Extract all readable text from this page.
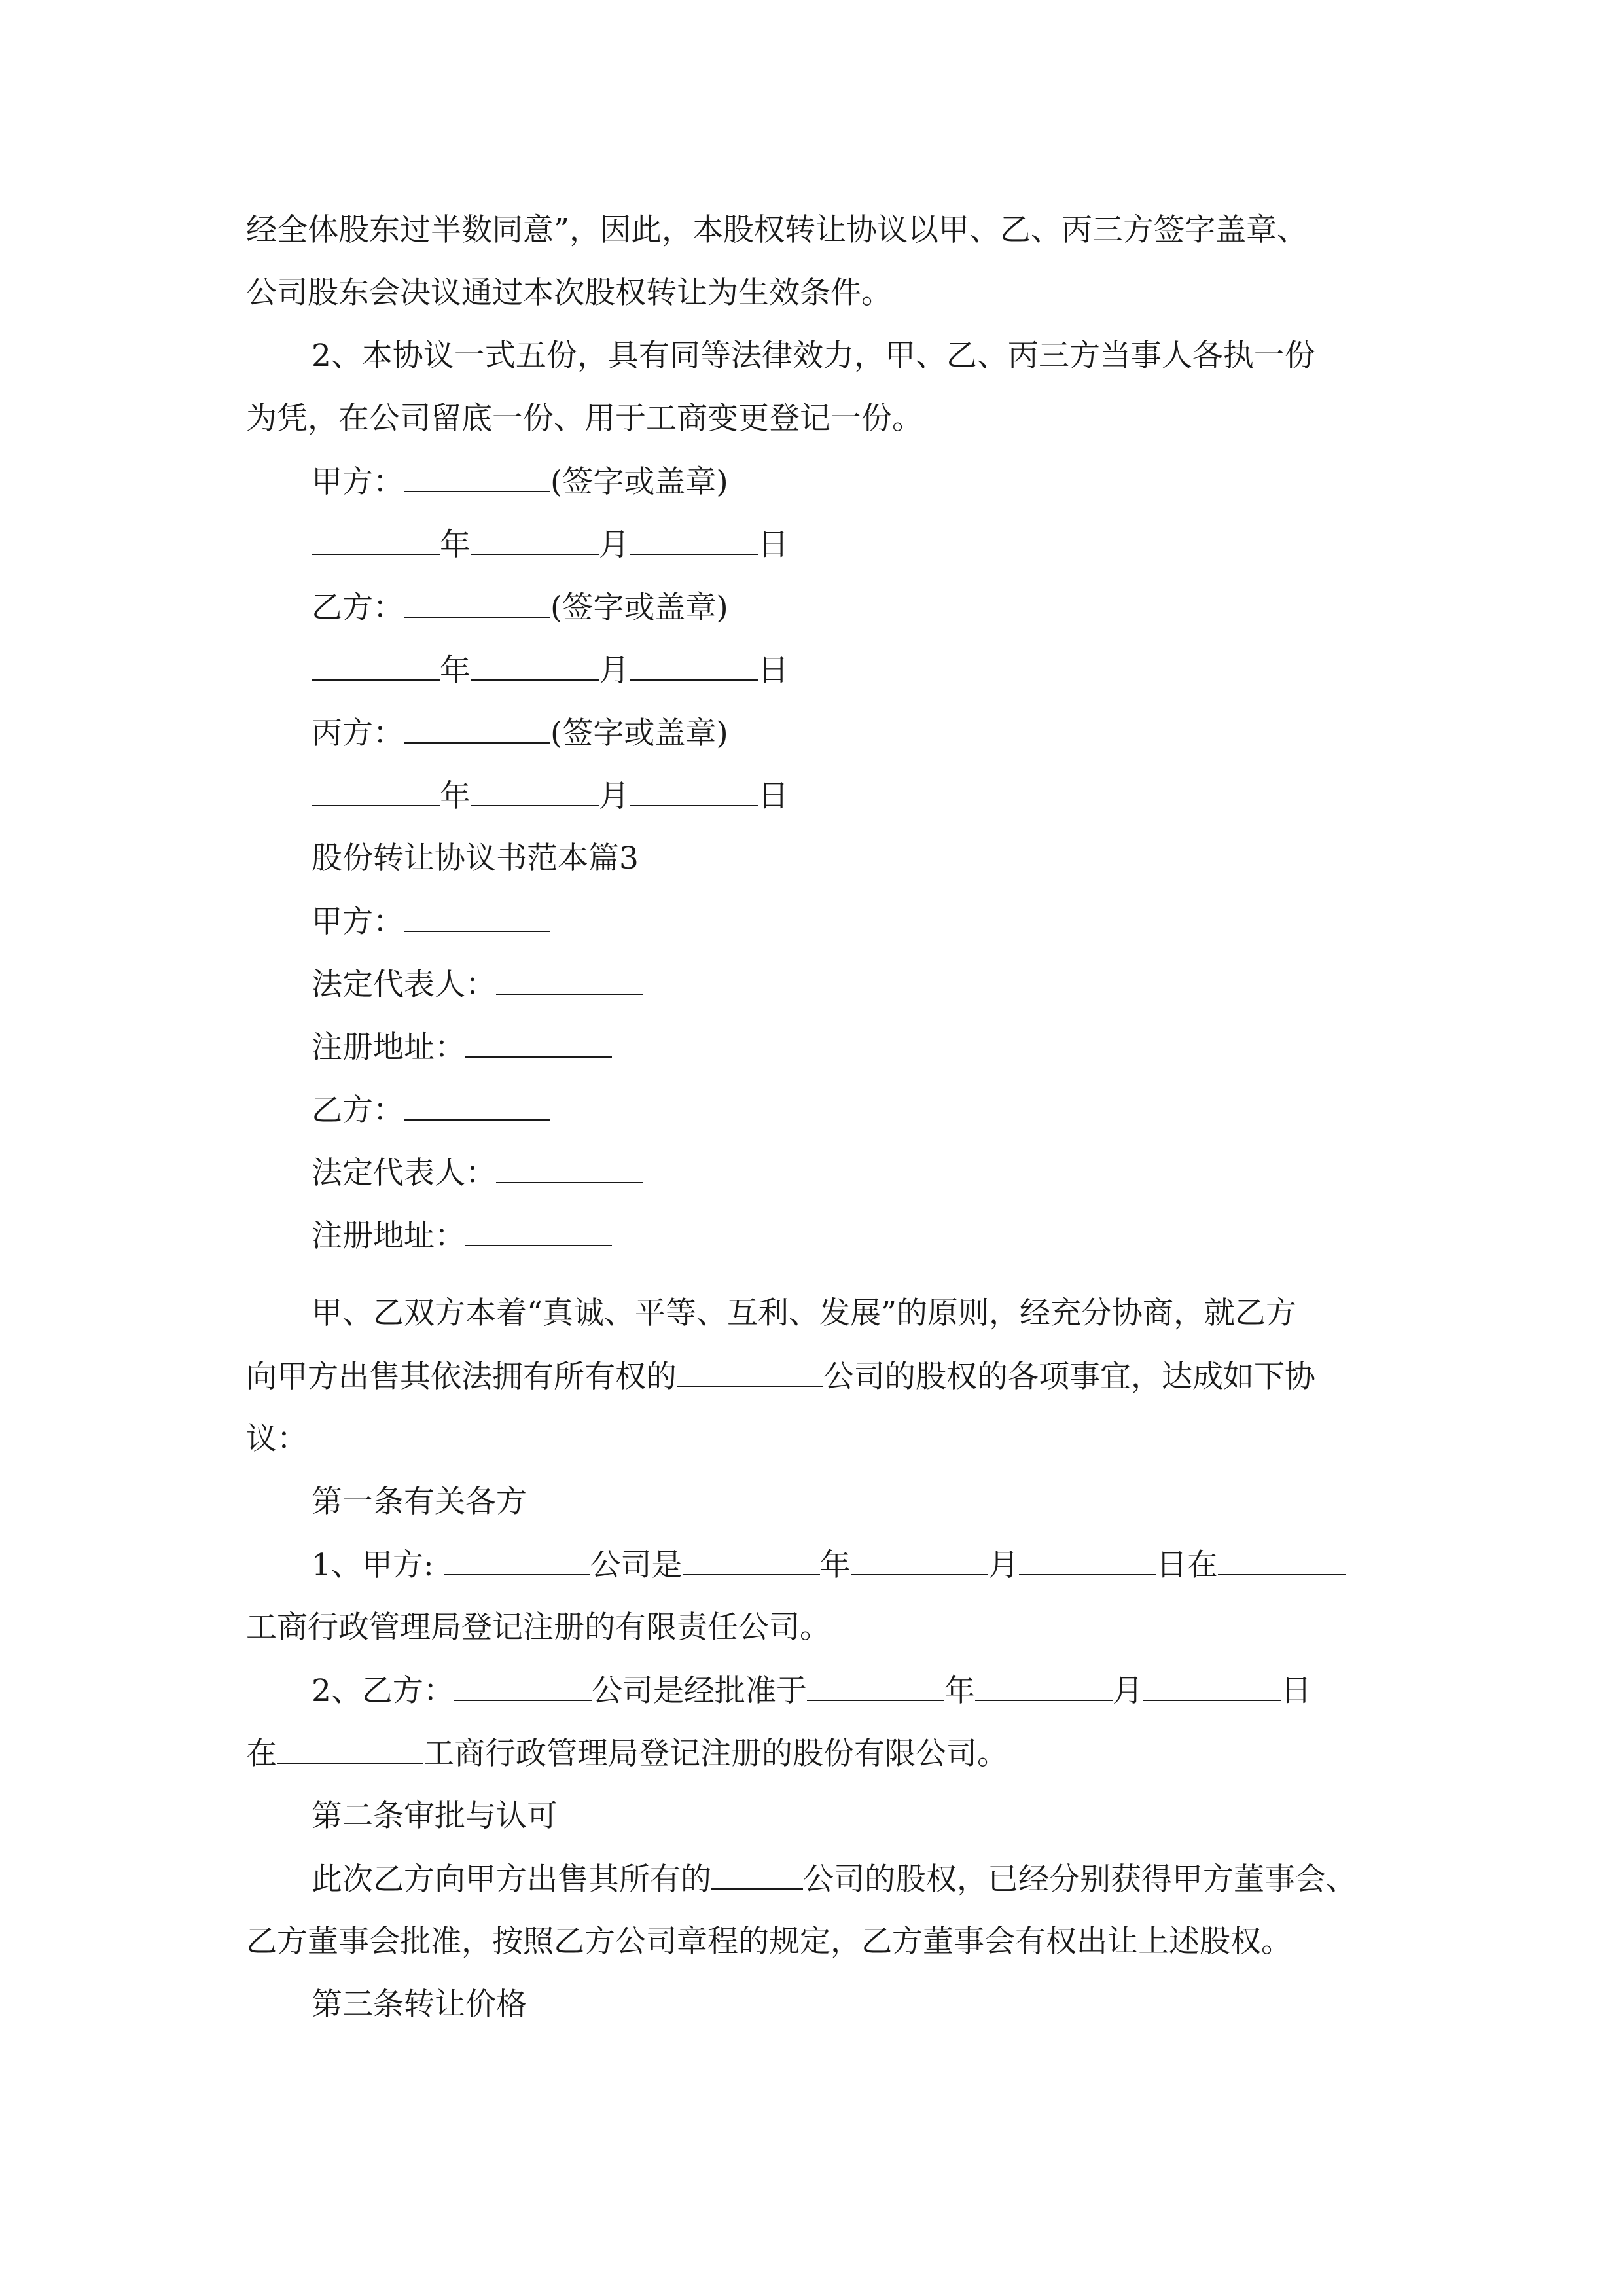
经全体股东过半数同意”，因此，本股权转让协议以甲、乙、丙三方签字盖章、
公司股东会决议通过本次股权转让为生效条件。
2、本协议一式五份，具有同等法律效力，甲、乙、丙三方当事人各执一份
为凭，在公司留底一份、用于工商变更登记一份。
甲方：	(签字或盖章)
年	月	日
乙方：	(签字或盖章)
年	月	日
丙方：	(签字或盖章)
年	月	日
股份转让协议书范本篇3
甲方：
法定代表人：
注册地址：
乙方：
法定代表人：
注册地址：
甲、乙双方本着“真诚、平等、互利、发展”的原则，经充分协商，就乙方
向甲方出售其依法拥有所有权的	公司的股权的各项事宜，达成如下协
议：
第一条有关各方
1、甲方:	公司是	年	月	日在
工商行政管理局登记注册的有限责任公司。
2、乙方：	公司是经批准于	年	月	日
在	工商行政管理局登记注册的股份有限公司。
第二条审批与认可
此次乙方向甲方出售其所有的	公司的股权，已经分别获得甲方董事会、
乙方董事会批准，按照乙方公司章程的规定，乙方董事会有权出让上述股权。
第三条转让价格
